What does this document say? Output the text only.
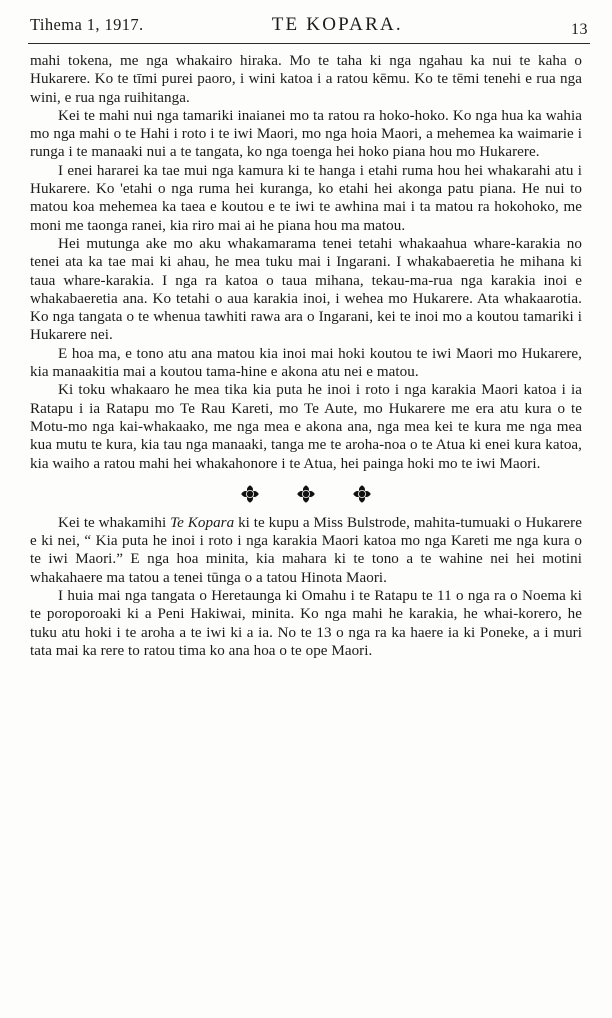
Tihema 1, 1917.	TE KOPARA.	13

mahi tokena, me nga whakairo hiraka. Mo te taha ki nga ngahau ka nui te kaha o Hukarere. Ko te tīmi purei paoro, i wini katoa i a ratou kēmu. Ko te tēmi tenehi e rua nga wini, e rua nga ruihitanga.

Kei te mahi nui nga tamariki inaianei mo ta ratou ra hoko-hoko. Ko nga hua ka wahia mo nga mahi o te Hahi i roto i te iwi Maori, mo nga hoia Maori, a mehemea ka waimarie i runga i te manaaki nui a te tangata, ko nga toenga hei hoko piana hou mo Hukarere.

I enei hararei ka tae mui nga kamura ki te hanga i etahi ruma hou hei whakarahi atu i Hukarere. Ko 'etahi o nga ruma hei kuranga, ko etahi hei akonga patu piana. He nui to matou koa mehemea ka taea e koutou e te iwi te awhina mai i ta matou ra hokohoko, me moni me taonga ranei, kia riro mai ai he piana hou ma matou.

Hei mutunga ake mo aku whakamarama tenei tetahi whakaahua whare-karakia no tenei ata ka tae mai ki ahau, he mea tuku mai i Ingarani. I whakabaeretia he mihana ki taua whare-karakia. I nga ra katoa o taua mihana, tekau-ma-rua nga karakia inoi e whakabaeretia ana. Ko tetahi o aua karakia inoi, i wehea mo Hukarere. Ata whakaarotia. Ko nga tangata o te whenua tawhiti rawa ara o Ingarani, kei te inoi mo a koutou tamariki i Hukarere nei.

E hoa ma, e tono atu ana matou kia inoi mai hoki koutou te iwi Maori mo Hukarere, kia manaakitia mai a koutou tama-hine e akona atu nei e matou.

Ki toku whakaaro he mea tika kia puta he inoi i roto i nga karakia Maori katoa i ia Ratapu i ia Ratapu mo Te Rau Kareti, mo Te Aute, mo Hukarere me era atu kura o te Motu-mo nga kai-whakaako, me nga mea e akona ana, nga mea kei te kura me nga mea kua mutu te kura, kia tau nga manaaki, tanga me te aroha-noa o te Atua ki enei kura katoa, kia waiho a ratou mahi hei whakahonore i te Atua, hei painga hoki mo te iwi Maori.

Kei te whakamihi Te Kopara ki te kupu a Miss Bulstrode, mahita-tumuaki o Hukarere e ki nei, “ Kia puta he inoi i roto i nga karakia Maori katoa mo nga Kareti me nga kura o te iwi Maori.” E nga hoa minita, kia mahara ki te tono a te wahine nei hei motini whakahaere ma tatou a tenei tūnga o a tatou Hinota Maori.

I huia mai nga tangata o Heretaunga ki Omahu i te Ratapu te 11 o nga ra o Noema ki te poroporoaki ki a Peni Hakiwai, minita. Ko nga mahi he karakia, he whai-korero, he tuku atu hoki i te aroha a te iwi ki a ia. No te 13 o nga ra ka haere ia ki Poneke, a i muri tata mai ka rere to ratou tima ko ana hoa o te ope Maori.
